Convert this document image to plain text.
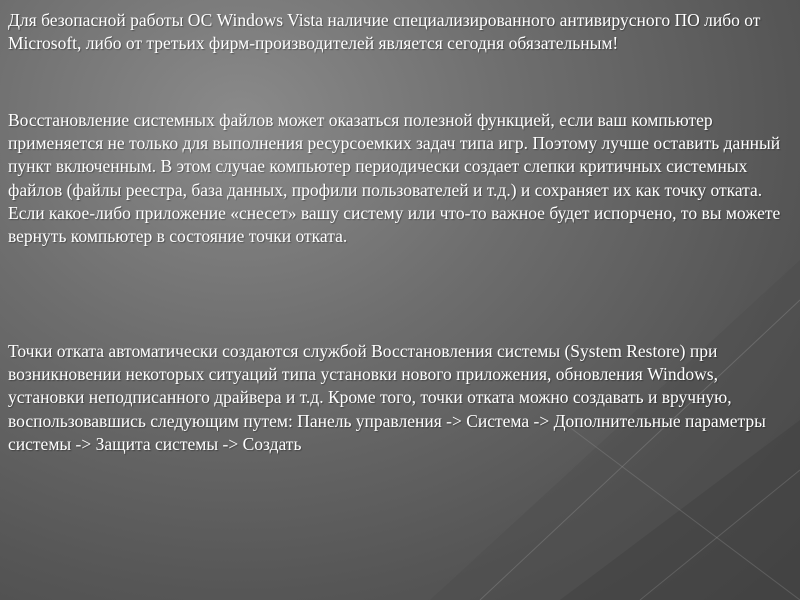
Для безопасной работы ОС Windows Vista наличие специализированного антивирусного ПО либо от Microsoft, либо от третьих фирм-производителей является сегодня обязательным!

Восстановление системных файлов может оказаться полезной функцией, если ваш компьютер применяется не только для выполнения ресурсоемких задач типа игр. Поэтому лучше оставить данный пункт включенным. В этом случае компьютер периодически создает слепки критичных системных файлов (файлы реестра, база данных, профили пользователей и т.д.) и сохраняет их как точку отката. Если какое-либо приложение «снесет» вашу систему или что-то важное будет испорчено, то вы можете вернуть компьютер в состояние точки отката.

Точки отката автоматически создаются службой Восстановления системы (System Restore) при возникновении некоторых ситуаций типа установки нового приложения, обновления Windows, установки неподписанного драйвера и т.д. Кроме того, точки отката можно создавать и вручную, воспользовавшись следующим путем: Панель управления -> Система -> Дополнительные параметры системы -> Защита системы -> Создать
